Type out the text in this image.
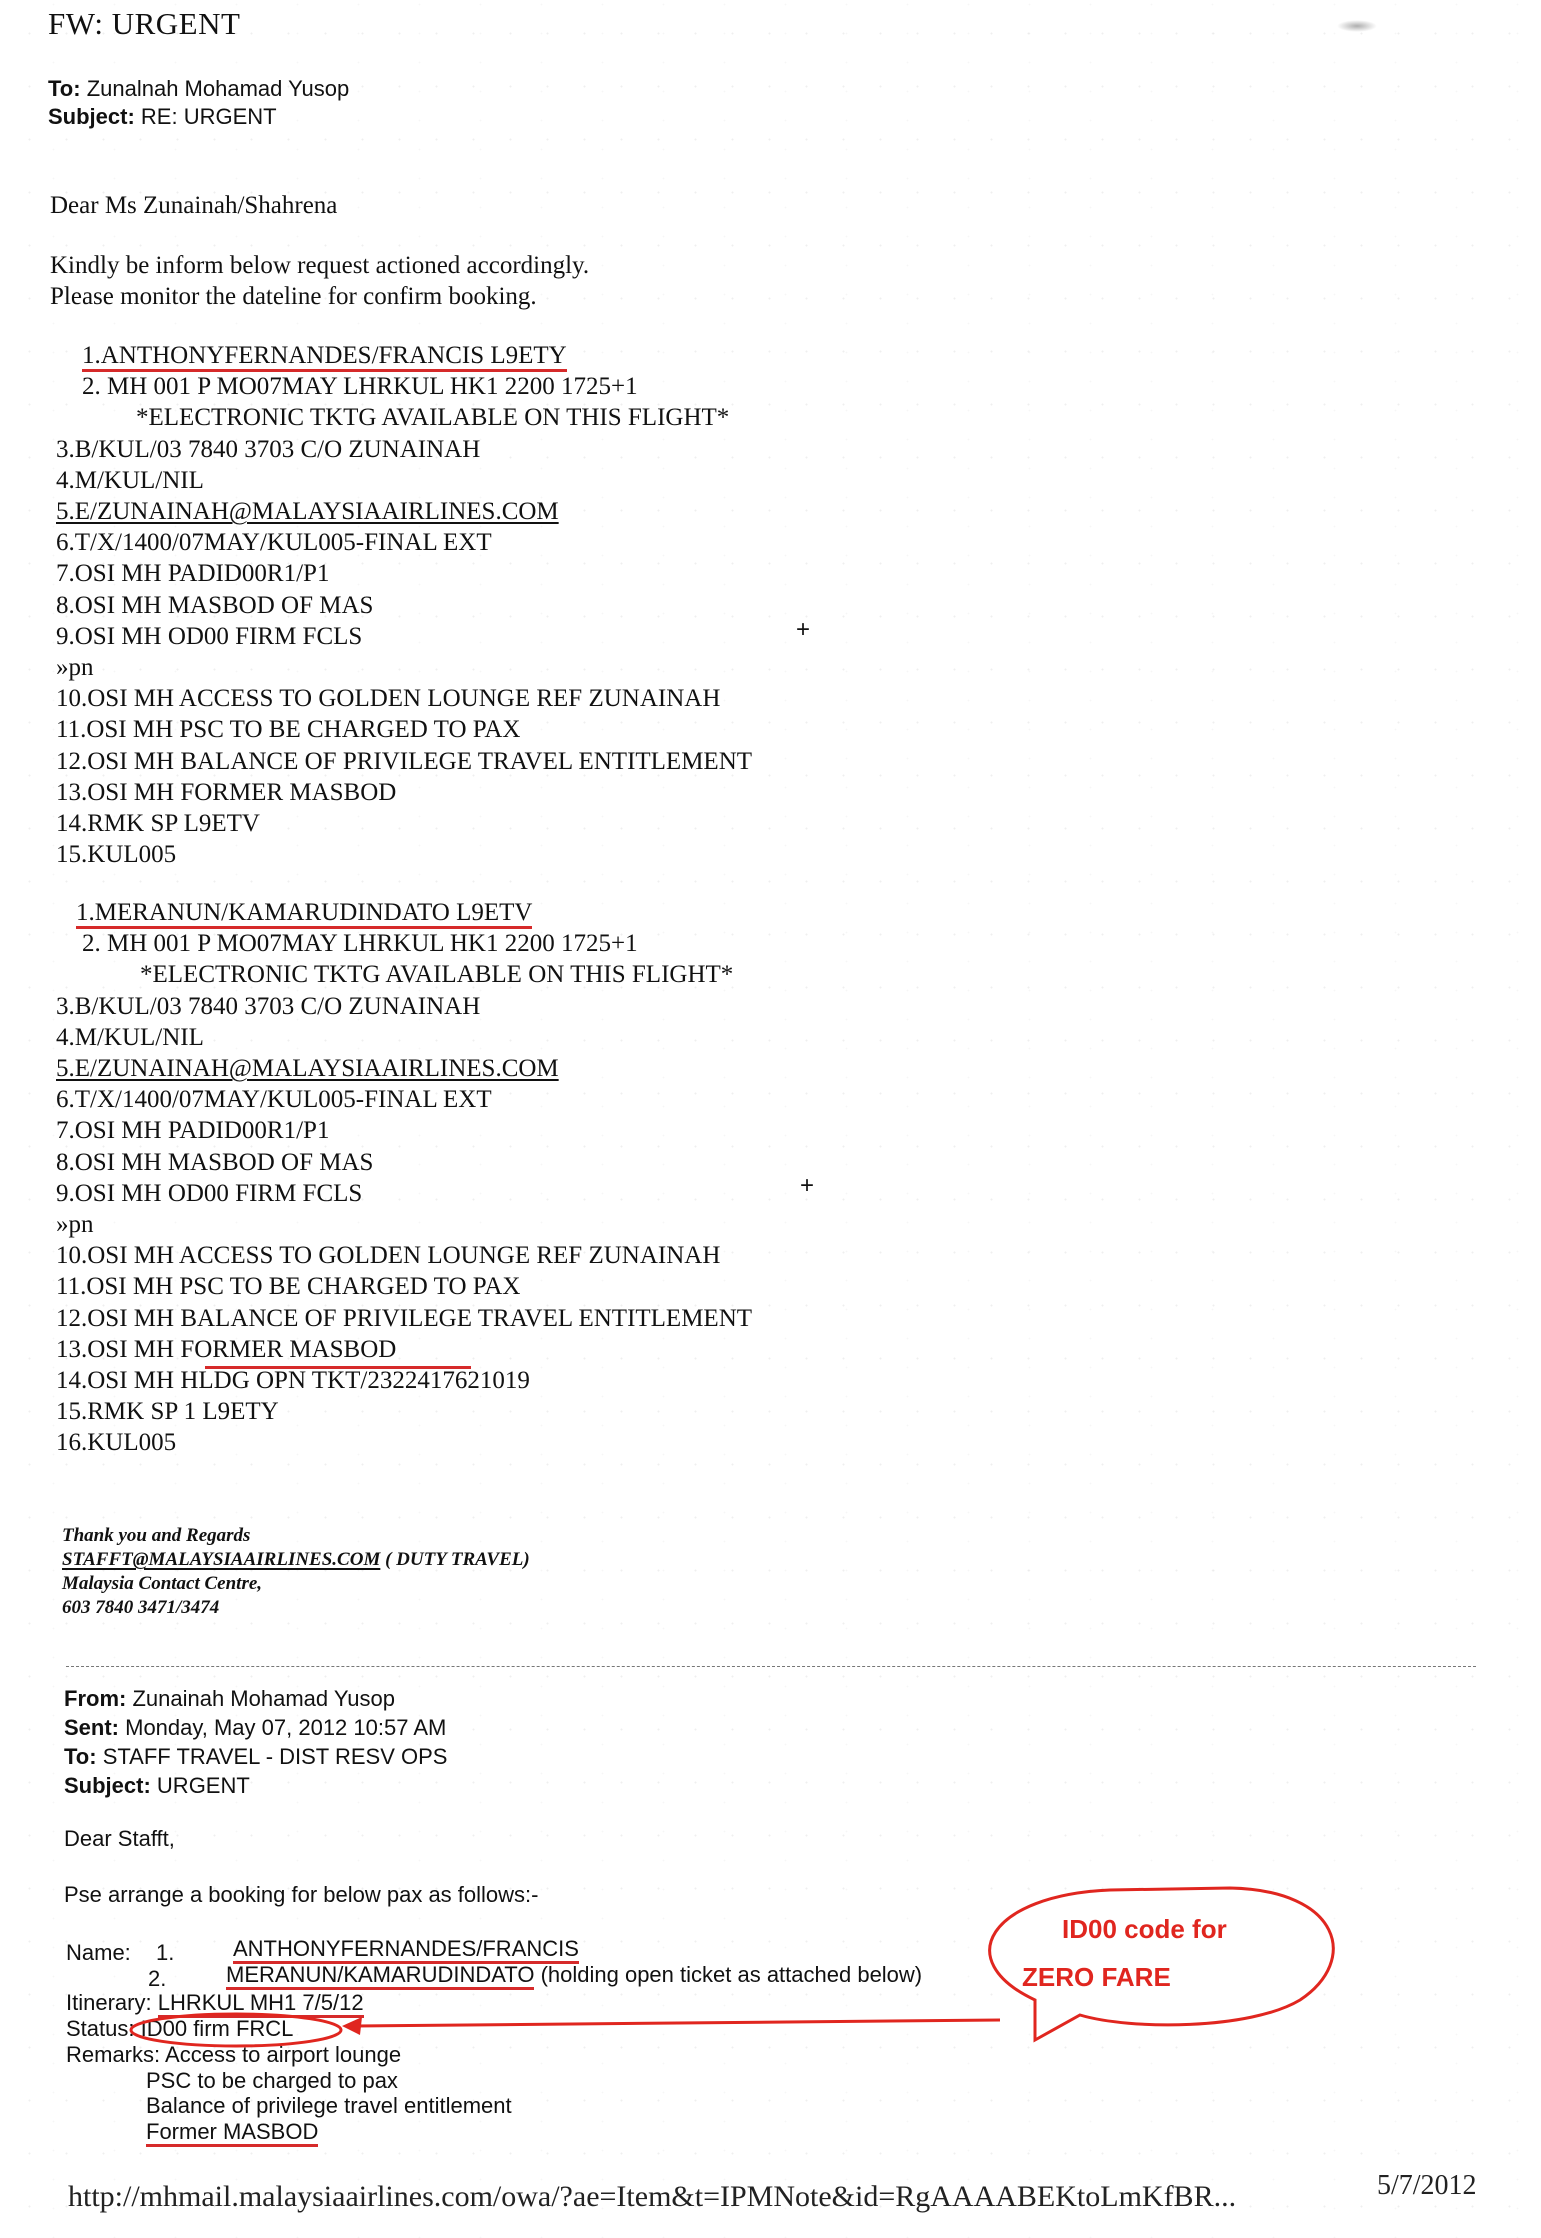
FW: URGENT
To: Zunalnah Mohamad Yusop
Subject: RE: URGENT
Dear Ms Zunainah/Shahrena
Kindly be inform below request actioned accordingly.
Please monitor the dateline for confirm booking.
1.ANTHONYFERNANDES/FRANCIS L9ETY
2. MH 001 P MO07MAY LHRKUL HK1 2200 1725+1
*ELECTRONIC TKTG AVAILABLE ON THIS FLIGHT*
3.B/KUL/03 7840 3703 C/O ZUNAINAH
4.M/KUL/NIL
5.E/ZUNAINAH@MALAYSIAAIRLINES.COM
6.T/X/1400/07MAY/KUL005-FINAL EXT
7.OSI MH PADID00R1/P1
8.OSI MH MASBOD OF MAS
9.OSI MH OD00 FIRM FCLS
»pn
10.OSI MH ACCESS TO GOLDEN LOUNGE REF ZUNAINAH
11.OSI MH PSC TO BE CHARGED TO PAX
12.OSI MH BALANCE OF PRIVILEGE TRAVEL ENTITLEMENT
13.OSI MH FORMER MASBOD
14.RMK SP L9ETV
15.KUL005
+
1.MERANUN/KAMARUDINDATO L9ETV
2. MH 001 P MO07MAY LHRKUL HK1 2200 1725+1
*ELECTRONIC TKTG AVAILABLE ON THIS FLIGHT*
3.B/KUL/03 7840 3703 C/O ZUNAINAH
4.M/KUL/NIL
5.E/ZUNAINAH@MALAYSIAAIRLINES.COM
6.T/X/1400/07MAY/KUL005-FINAL EXT
7.OSI MH PADID00R1/P1
8.OSI MH MASBOD OF MAS
9.OSI MH OD00 FIRM FCLS
»pn
10.OSI MH ACCESS TO GOLDEN LOUNGE REF ZUNAINAH
11.OSI MH PSC TO BE CHARGED TO PAX
12.OSI MH BALANCE OF PRIVILEGE TRAVEL ENTITLEMENT
13.OSI MH FORMER MASBOD
14.OSI MH HLDG OPN TKT/2322417621019
15.RMK SP 1 L9ETY
16.KUL005
+
Thank you and Regards
STAFFT@MALAYSIAAIRLINES.COM ( DUTY TRAVEL)
Malaysia Contact Centre,
603 7840 3471/3474
From: Zunainah Mohamad Yusop
Sent: Monday, May 07, 2012 10:57 AM
To: STAFF TRAVEL - DIST RESV OPS
Subject: URGENT
Dear Stafft,
Pse arrange a booking for below pax as follows:-
Name: 1.	ANTHONYFERNANDES/FRANCIS
2.	MERANUN/KAMARUDINDATO (holding open ticket as attached below)
Itinerary: LHRKUL MH1 7/5/12
Status: ID00 firm FRCL
Remarks: Access to airport lounge
PSC to be charged to pax
Balance of privilege travel entitlement
Former MASBOD
ID00 code for
ZERO FARE
http://mhmail.malaysiaairlines.com/owa/?ae=Item&t=IPMNote&id=RgAAAABEKtoLmKfBR...	5/7/2012
